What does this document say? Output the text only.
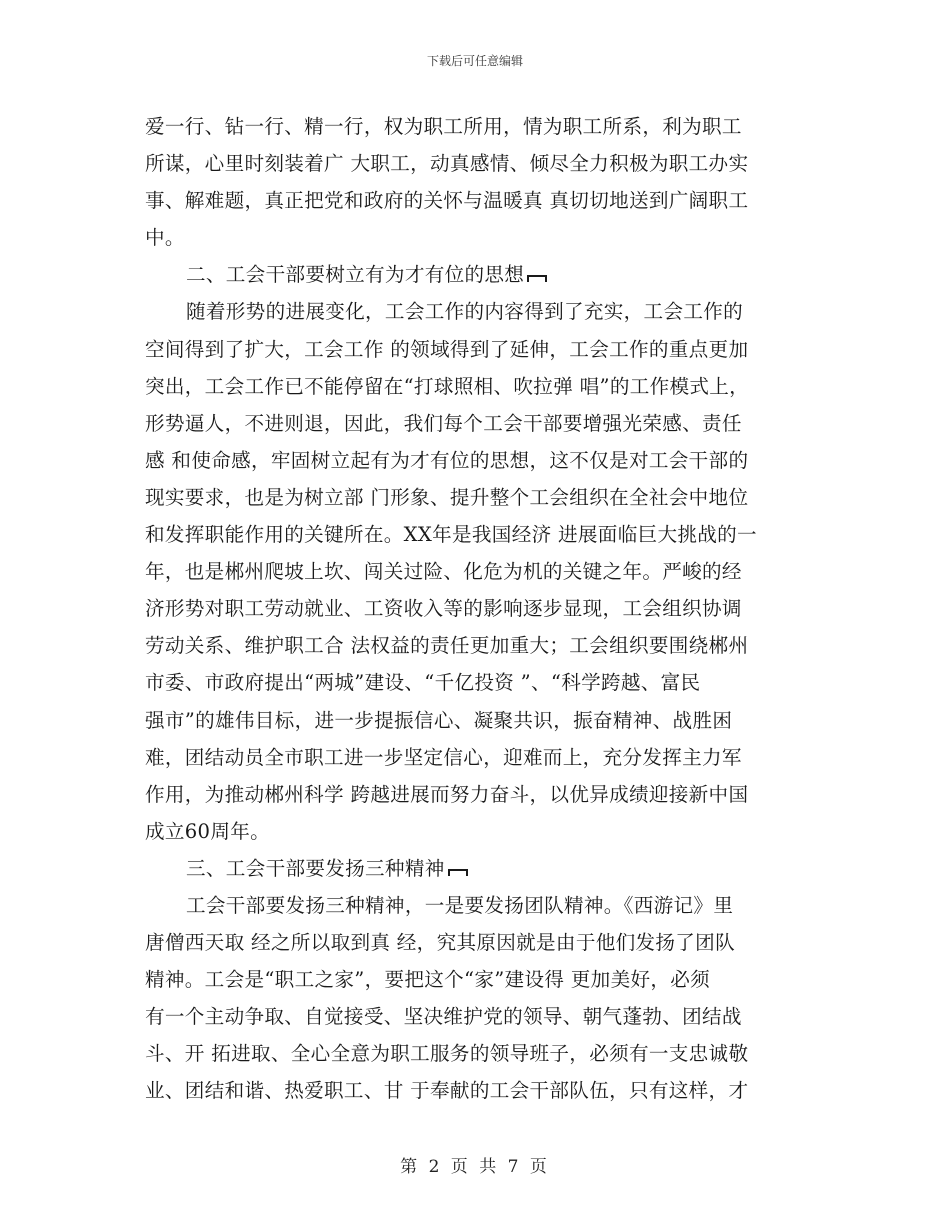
下载后可任意编辑
爱一行、钻一行、精一行，权为职工所用，情为职工所系，利为职工
所谋，心里时刻装着广 大职工，动真感情、倾尽全力积极为职工办实
事、解难题，真正把党和政府的关怀与温暖真 真切切地送到广阔职工
中。
二、工会干部要树立有为才有位的思想
随着形势的进展变化，工会工作的内容得到了充实，工会工作的
空间得到了扩大，工会工作 的领域得到了延伸，工会工作的重点更加
突出，工会工作已不能停留在“打球照相、吹拉弹 唱”的工作模式上，
形势逼人，不进则退，因此，我们每个工会干部要增强光荣感、责任
感 和使命感，牢固树立起有为才有位的思想，这不仅是对工会干部的
现实要求，也是为树立部 门形象、提升整个工会组织在全社会中地位
和发挥职能作用的关键所在。XX年是我国经济 进展面临巨大挑战的一
年，也是郴州爬坡上坎、闯关过险、化危为机的关键之年。严峻的经
济形势对职工劳动就业、工资收入等的影响逐步显现，工会组织协调
劳动关系、维护职工合 法权益的责任更加重大；工会组织要围绕郴州
市委、市政府提出“两城”建设、“千亿投资 ”、“科学跨越、富民
强市”的雄伟目标，进一步提振信心、凝聚共识，振奋精神、战胜困
难，团结动员全市职工进一步坚定信心，迎难而上，充分发挥主力军
作用，为推动郴州科学 跨越进展而努力奋斗，以优异成绩迎接新中国
成立60周年。
三、工会干部要发扬三种精神
工会干部要发扬三种精神，一是要发扬团队精神。《西游记》里
唐僧西天取 经之所以取到真 经，究其原因就是由于他们发扬了团队
精神。工会是“职工之家”，要把这个“家”建设得 更加美好，必须
有一个主动争取、自觉接受、坚决维护党的领导、朝气蓬勃、团结战
斗、开 拓进取、全心全意为职工服务的领导班子，必须有一支忠诚敬
业、团结和谐、热爱职工、甘 于奉献的工会干部队伍，只有这样，才
第 2 页 共 7 页
